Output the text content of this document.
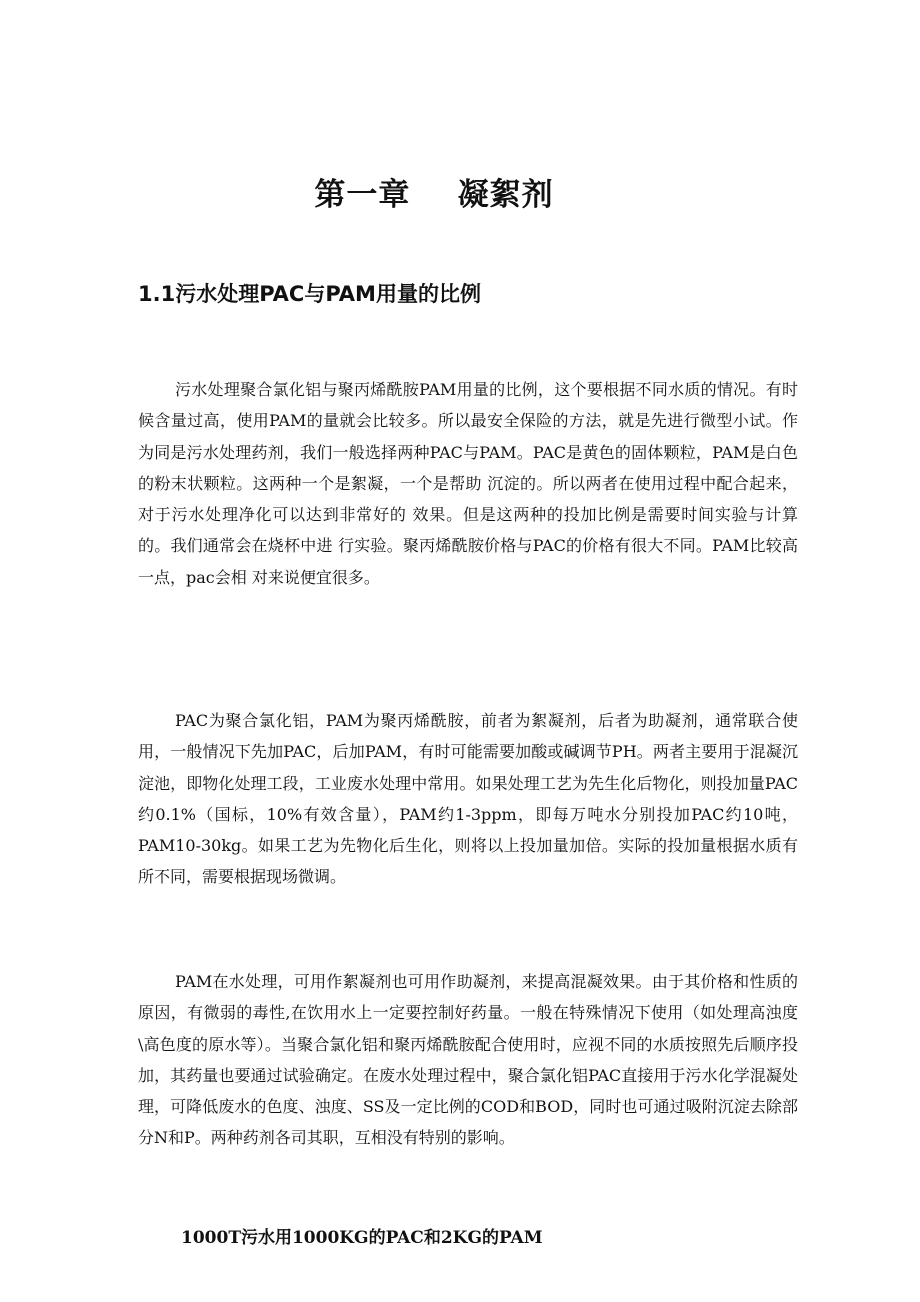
第一章    凝絮剂
1.1污水处理PAC与PAM用量的比例

污水处理聚合氯化铝与聚丙烯酰胺PAM用量的比例，这个要根据不同水质的情况。有时候含量过高，使用PAM的量就会比较多。所以最安全保险的方法，就是先进行微型小试。作为同是污水处理药剂，我们一般选择两种PAC与PAM。PAC是黄色的固体颗粒，PAM是白色的粉末状颗粒。这两种一个是絮凝，一个是帮助 沉淀的。所以两者在使用过程中配合起来，对于污水处理净化可以达到非常好的 效果。但是这两种的投加比例是需要时间实验与计算的。我们通常会在烧杯中进 行实验。聚丙烯酰胺价格与PAC的价格有很大不同。PAM比较高一点，pac会相 对来说便宜很多。

PAC为聚合氯化铝，PAM为聚丙烯酰胺，前者为絮凝剂，后者为助凝剂，通常联合使用，一般情况下先加PAC，后加PAM，有时可能需要加酸或碱调节PH。两者主要用于混凝沉淀池，即物化处理工段，工业废水处理中常用。如果处理工艺为先生化后物化，则投加量PAC约0.1%（国标，10%有效含量），PAM约1-3ppm，即每万吨水分别投加PAC约10吨，PAM10-30kg。如果工艺为先物化后生化，则将以上投加量加倍。实际的投加量根据水质有所不同，需要根据现场微调。

PAM在水处理，可用作絮凝剂也可用作助凝剂，来提高混凝效果。由于其价格和性质的原因，有微弱的毒性,在饮用水上一定要控制好药量。一般在特殊情况下使用（如处理高浊度\高色度的原水等）。当聚合氯化铝和聚丙烯酰胺配合使用时，应视不同的水质按照先后顺序投加，其药量也要通过试验确定。在废水处理过程中，聚合氯化铝PAC直接用于污水化学混凝处理，可降低废水的色度、浊度、SS及一定比例的COD和BOD，同时也可通过吸附沉淀去除部分N和P。两种药剂各司其职，互相没有特别的影响。

1000T污水用1000KG的PAC和2KG的PAM
